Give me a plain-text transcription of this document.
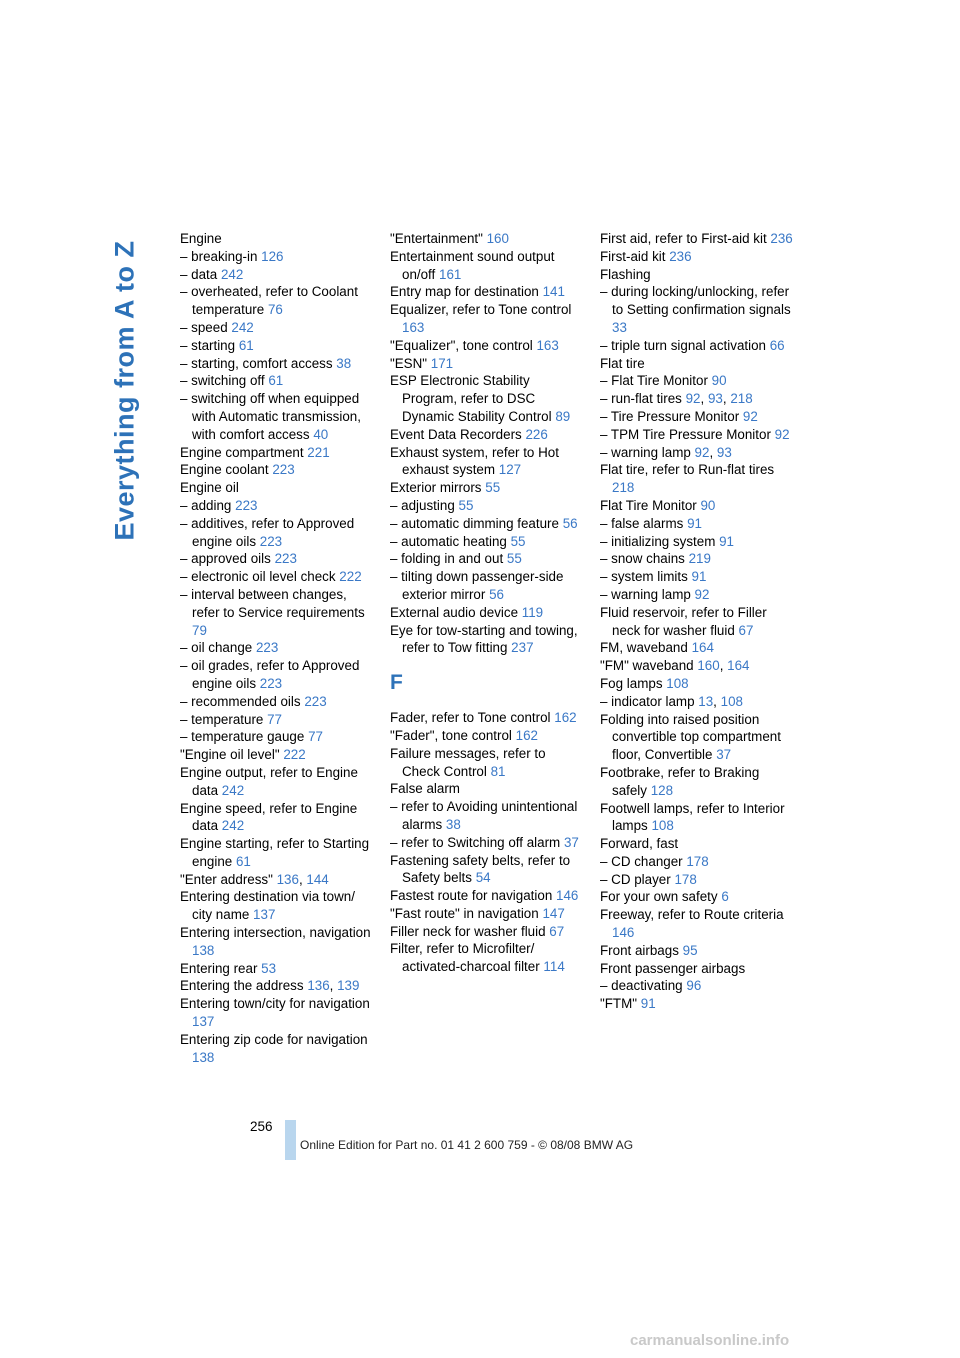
Everything from A to Z
Engine
– breaking-in 126
– data 242
– overheated, refer to Coolant temperature 76
– speed 242
– starting 61
– starting, comfort access 38
– switching off 61
– switching off when equipped with Automatic transmission, with comfort access 40
Engine compartment 221
Engine coolant 223
Engine oil
– adding 223
– additives, refer to Approved engine oils 223
– approved oils 223
– electronic oil level check 222
– interval between changes, refer to Service requirements 79
– oil change 223
– oil grades, refer to Approved engine oils 223
– recommended oils 223
– temperature 77
– temperature gauge 77
"Engine oil level" 222
Engine output, refer to Engine data 242
Engine speed, refer to Engine data 242
Engine starting, refer to Starting engine 61
"Enter address" 136, 144
Entering destination via town/ city name 137
Entering intersection, navigation 138
Entering rear 53
Entering the address 136, 139
Entering town/city for navigation 137
Entering zip code for navigation 138
"Entertainment" 160
Entertainment sound output on/off 161
Entry map for destination 141
Equalizer, refer to Tone control 163
"Equalizer", tone control 163
"ESN" 171
ESP Electronic Stability Program, refer to DSC Dynamic Stability Control 89
Event Data Recorders 226
Exhaust system, refer to Hot exhaust system 127
Exterior mirrors 55
– adjusting 55
– automatic dimming feature 56
– automatic heating 55
– folding in and out 55
– tilting down passenger-side exterior mirror 56
External audio device 119
Eye for tow-starting and towing, refer to Tow fitting 237
F
Fader, refer to Tone control 162
"Fader", tone control 162
Failure messages, refer to Check Control 81
False alarm
– refer to Avoiding unintentional alarms 38
– refer to Switching off alarm 37
Fastening safety belts, refer to Safety belts 54
Fastest route for navigation 146
"Fast route" in navigation 147
Filler neck for washer fluid 67
Filter, refer to Microfilter/ activated-charcoal filter 114
First aid, refer to First-aid kit 236
First-aid kit 236
Flashing
– during locking/unlocking, refer to Setting confirmation signals 33
– triple turn signal activation 66
Flat tire
– Flat Tire Monitor 90
– run-flat tires 92, 93, 218
– Tire Pressure Monitor 92
– TPM Tire Pressure Monitor 92
– warning lamp 92, 93
Flat tire, refer to Run-flat tires 218
Flat Tire Monitor 90
– false alarms 91
– initializing system 91
– snow chains 219
– system limits 91
– warning lamp 92
Fluid reservoir, refer to Filler neck for washer fluid 67
FM, waveband 164
"FM" waveband 160, 164
Fog lamps 108
– indicator lamp 13, 108
Folding into raised position convertible top compartment floor, Convertible 37
Footbrake, refer to Braking safely 128
Footwell lamps, refer to Interior lamps 108
Forward, fast
– CD changer 178
– CD player 178
For your own safety 6
Freeway, refer to Route criteria 146
Front airbags 95
Front passenger airbags
– deactivating 96
"FTM" 91
256
Online Edition for Part no. 01 41 2 600 759 - © 08/08 BMW AG
carmanualsonline.info
